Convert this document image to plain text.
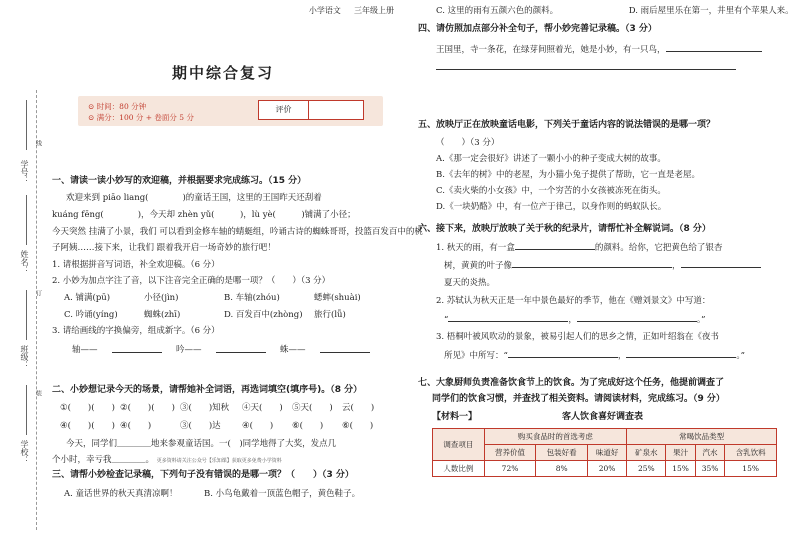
学号：
姓名：
班级：
学校：
线
订
装
小学语文 　 三年级上册
期中综合复习
⊙ 时间：80 分钟
⊙ 满分：100 分 + 卷面分 5 分
评价
一、请读一读小妙写的欢迎稿，并根据要求完成练习。（15 分）
欢迎来到 piāo liang(　　　　)的童话王国，这里的王国昨天还刮着
kuáng fēng(　　　　)，今天却 zhèn yǔ(　　　)，lù yè(　　　)铺满了小径；
今天突然 挂满了小景，我们 可以看到金修车轴的蜻蜓组，吟诵古诗的蜘蛛哥哥，投篮百发百中的桃
子阿姨……接下来，让我们 跟着我开启一场奇妙的旅行吧！
1. 请根据拼音写词语，补全欢迎稿。（6 分）
2. 小妙为加点字注了音，以下注音完全正确的是哪一项？（　　）（3 分）
A. 铺满(pū)	小径(jìn)	B. 车轴(zhóu)	蟋蟀(shuài)
C. 吟诵(yíng)	蜘蛛(zhī)	D. 百发百中(zhòng)	旅行(lǚ)
3. 请给画线的字换偏旁，组成新字。（6 分）
轴——	吟——	蛛——
二、小妙想记录今天的场景，请帮她补全词语，再选词填空(填序号)。（8 分）
①(　　)(　　) ②(　　)(　　) ③(　　)知秋	④天(　　)	⑤天(　　)	云(　　)
④(　　)(　　) ④(　　)	③(　　)达	④(　　)	⑥(　　)	⑥(　　)
今天，同学们＿＿＿＿地来参观童话国。一(　)同学地得了大奖，发点几
个小时，幸亏我＿＿＿＿。 更多资料请关注公众号【乐知课】获取更多免费小学资料
三、请帮小妙检查记录稿，下列句子没有错误的是哪一项？（　　）（3 分）
A. 童话世界的秋天真清凉啊！	B. 小鸟龟戴着一顶蓝色帽子，黄色鞋子。
C. 这里的雨有五颜六色的颜料。	D. 雨后屋里乐在第一，井里有个苹果人来。
四、请仿照加点部分补全句子，帮小妙完善记录稿。（3 分）
王国里，寺一条花，在绿芽间照着光，她是小妙，有一只鸟，
五、放映厅正在放映童话电影，下列关于童话内容的说法错误的是哪一项？
（　　）（3 分）
A.《那一定会很好》讲述了一颗小小的种子变成大树的故事。
B.《去年的树》中的老屋，为小猫小兔子提供了帮助，它一直是老屋。
C.《卖火柴的小女孩》中，一个穷苦的小女孩被冻死在街头。
D.《一块奶酪》中，有一位产于律己，以身作则的蚂蚁队长。
六、接下来，放映厅放映了关于秋的纪录片，请帮忙补全解说词。（8 分）
1. 秋天的雨，有一盒	的颜料。给你，它把黄色给了银杏
树，黄黄的叶子像	，
夏天的炎热。
2. 苏轼认为秋天正是一年中景色最好的季节，他在《赠刘景文》中写道：
“	，	。”
3. 梧桐叶被风吹动的景象，被易引起人们的思乡之情，正如叶绍翁在《夜书
所见》中所写：“	，	。”
七、大象厨师负责准备饮食节上的饮食。为了完成好这个任务，他提前调查了
同学们的饮食习惯，并查找了相关资料。请阅读材料，完成练习。（9 分）
【材料一】	客人饮食喜好调查表
调查项目	购买食品时的首选考虑			常喝饮品类型			
	营养价值	包装好看	味道好	矿泉水	果汁	汽水	含乳饮料
人数比例	72%	8%	20%	25%	15%	35%	15%
